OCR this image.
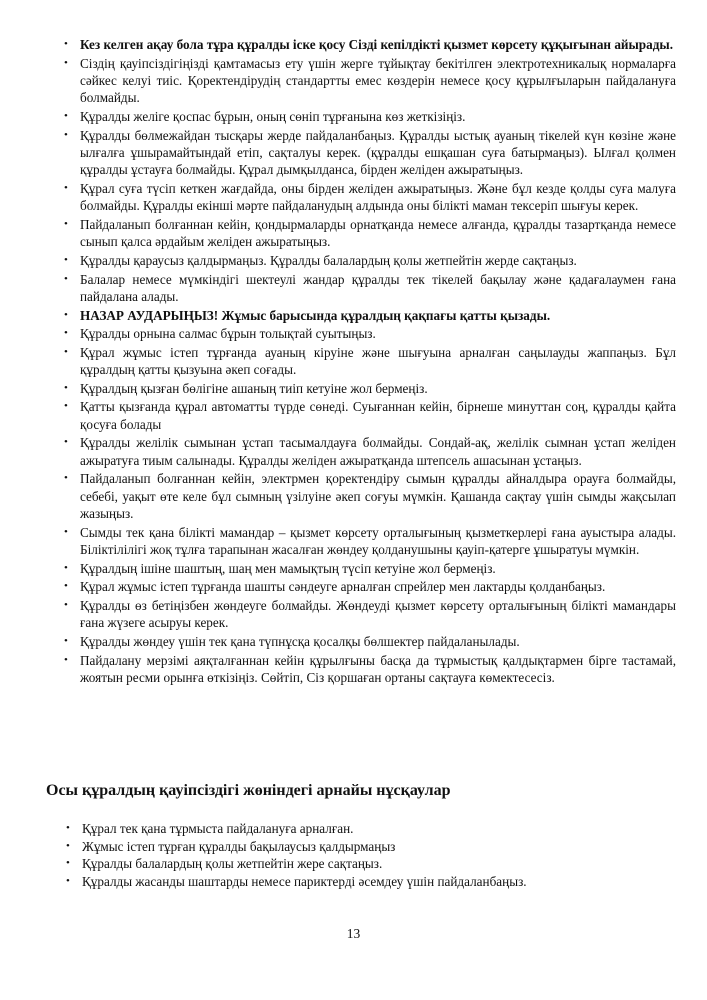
• Кез келген ақау бола тұра құралды іске қосу Сізді кепілдікті қызмет көрсету құқығынан айырады.
• Сіздің қауіпсіздігіңізді қамтамасыз ету үшін жерге тұйықтау бекітілген электротехникалық нормаларға сәйкес келуі тиіс. Қоректендірудің стандартты емес көздерін немесе қосу құрылғыларын пайдалануға болмайды.
• Құралды желіге қоспас бұрын, оның сөніп тұрғанына көз жеткізіңіз.
• Құралды бөлмежайдан тысқары жерде пайдаланбаңыз. Құралды ыстық ауаның тікелей күн көзіне және ылғалға ұшырамайтындай етіп, сақталуы керек. (құралды ешқашан суға батырмаңыз). Ылғал қолмен құралды ұстауға болмайды. Құрал дымқылданса, бірден желіден ажыратыңыз.
• Құрал суға түсіп кеткен жағдайда, оны бірден желіден ажыратыңыз. Және бұл кезде қолды суға малуға болмайды. Құралды екінші мәрте пайдаланудың алдында оны білікті маман тексеріп шығуы керек.
• Пайдаланып болғаннан кейін, қондырмаларды орнатқанда немесе алғанда, құралды тазартқанда немесе сынып қалса әрдайым желіден ажыратыңыз.
• Құралды қараусыз қалдырмаңыз. Құралды балалардың қолы жетпейтін жерде сақтаңыз.
• Балалар немесе мүмкіндігі шектеулі жандар құралды тек тікелей бақылау және қадағалаумен ғана пайдалана алады.
• НАЗАР АУДАРЫҢЫЗ! Жұмыс барысында құралдың қақпағы қатты қызады.
• Құралды орнына салмас бұрын толықтай суытыңыз.
• Құрал жұмыс істеп тұрғанда ауаның кіруіне және шығуына арналған саңылауды жаппаңыз. Бұл құралдың қатты қызуына әкеп соғады.
• Құралдың қызған бөлігіне ашаның тиіп кетуіне жол бермеңіз.
• Қатты қызғанда құрал автоматты түрде сөнеді. Суығаннан кейін, бірнеше минуттан соң, құралды қайта қосуға болады
• Құралды желілік сымынан ұстап тасымалдауға болмайды. Сондай-ақ, желілік сымнан ұстап желіден ажыратуға тиым салынады. Құралды желіден ажыратқанда штепсель ашасынан ұстаңыз.
• Пайдаланып болғаннан кейін, электрмен қоректендіру сымын құралды айналдыра орауға болмайды, себебі, уақыт өте келе бұл сымның үзілуіне әкеп соғуы мүмкін. Қашанда сақтау үшін сымды жақсылап жазыңыз.
• Сымды тек қана білікті мамандар – қызмет көрсету орталығының қызметкерлері ғана ауыстыра алады. Біліктілілігі жоқ тұлға тарапынан жасалған жөндеу қолданушыны қауіп-қатерге ұшыратуы мүмкін.
• Құралдың ішіне шаштың, шаң мен мамықтың түсіп кетуіне жол бермеңіз.
• Құрал жұмыс істеп тұрғанда шашты сәндеуге арналған спрейлер мен лактарды қолданбаңыз.
• Құралды өз бетіңізбен жөндеуге болмайды. Жөндеуді қызмет көрсету орталығының білікті мамандары ғана жүзеге асыруы керек.
• Құралды жөндеу үшін тек қана түпнұсқа қосалқы бөлшектер пайдаланылады.
• Пайдалану мерзімі аяқталғаннан кейін құрылғыны басқа да тұрмыстық қалдықтармен бірге тастамай, жоятын ресми орынға өткізіңіз. Сөйтіп, Сіз қоршаған ортаны сақтауға көмектесесіз.
Осы құралдың қауіпсіздігі жөніндегі арнайы нұсқаулар
• Құрал тек қана тұрмыста пайдалануға арналған.
• Жұмыс істеп тұрған құралды бақылаусыз қалдырмаңыз
• Құралды балалардың қолы жетпейтін жере сақтаңыз.
• Құралды жасанды шаштарды немесе париктерді әсемдеу үшін пайдаланбаңыз.
13
